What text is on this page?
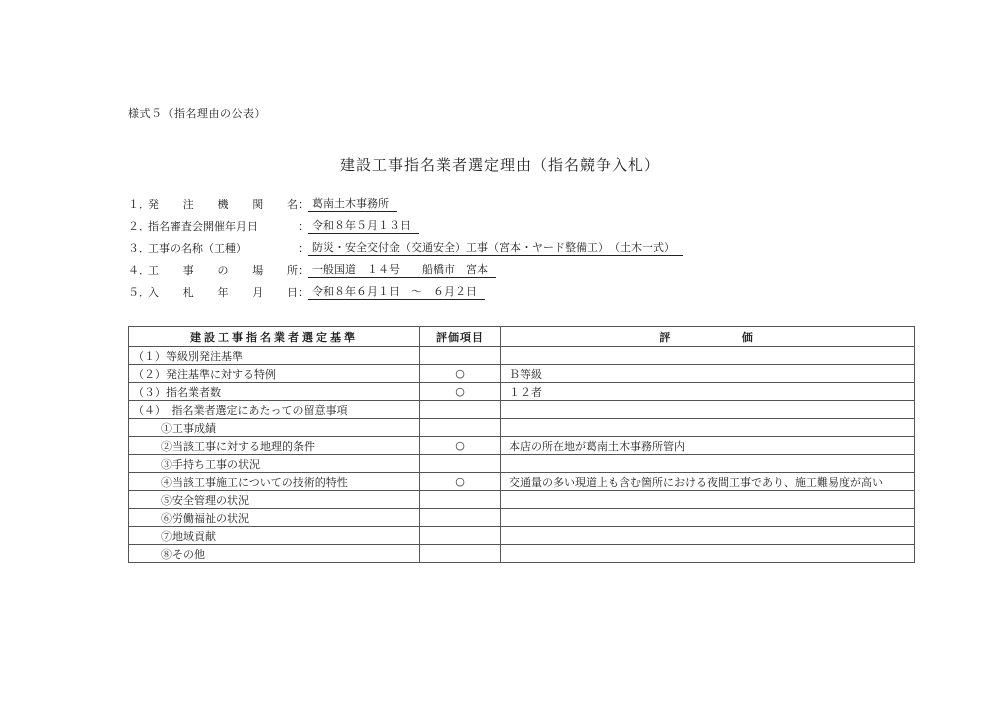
様式５（指名理由の公表）
建設工事指名業者選定理由（指名競争入札）
１．
発　注　機　関　名 ： 葛南土木事務所
２．
指名審査会開催年月日	： 令和８年５月１３日
３．
工事の名称（工種）	： 防災・安全交付金（交通安全）工事（宮本・ヤード整備工）　（土木一式）
４．
工　事　の　場　所 ： 一般国道　１４号　　船橋市　宮本
５．
入　札　年　月　日 ： 令和８年６月１日　～　６月２日
建設工事指名業者選定基準	評価項目	評 価

（１）等級別発注基準		
（２）発注基準に対する特例	○	Ｂ等級
（３）指名業者数	○	１２者
（４）　指名業者選定にあたっての留意事項		
①工事成績		
②当該工事に対する地理的条件	○	本店の所在地が葛南土木事務所管内
③手持ち工事の状況		
④当該工事施工についての技術的特性	○	交通量の多い現道上も含む箇所における夜間工事であり、施工難易度が高い
⑤安全管理の状況		
⑥労働福祉の状況		
⑦地域貢献		
⑧その他		
